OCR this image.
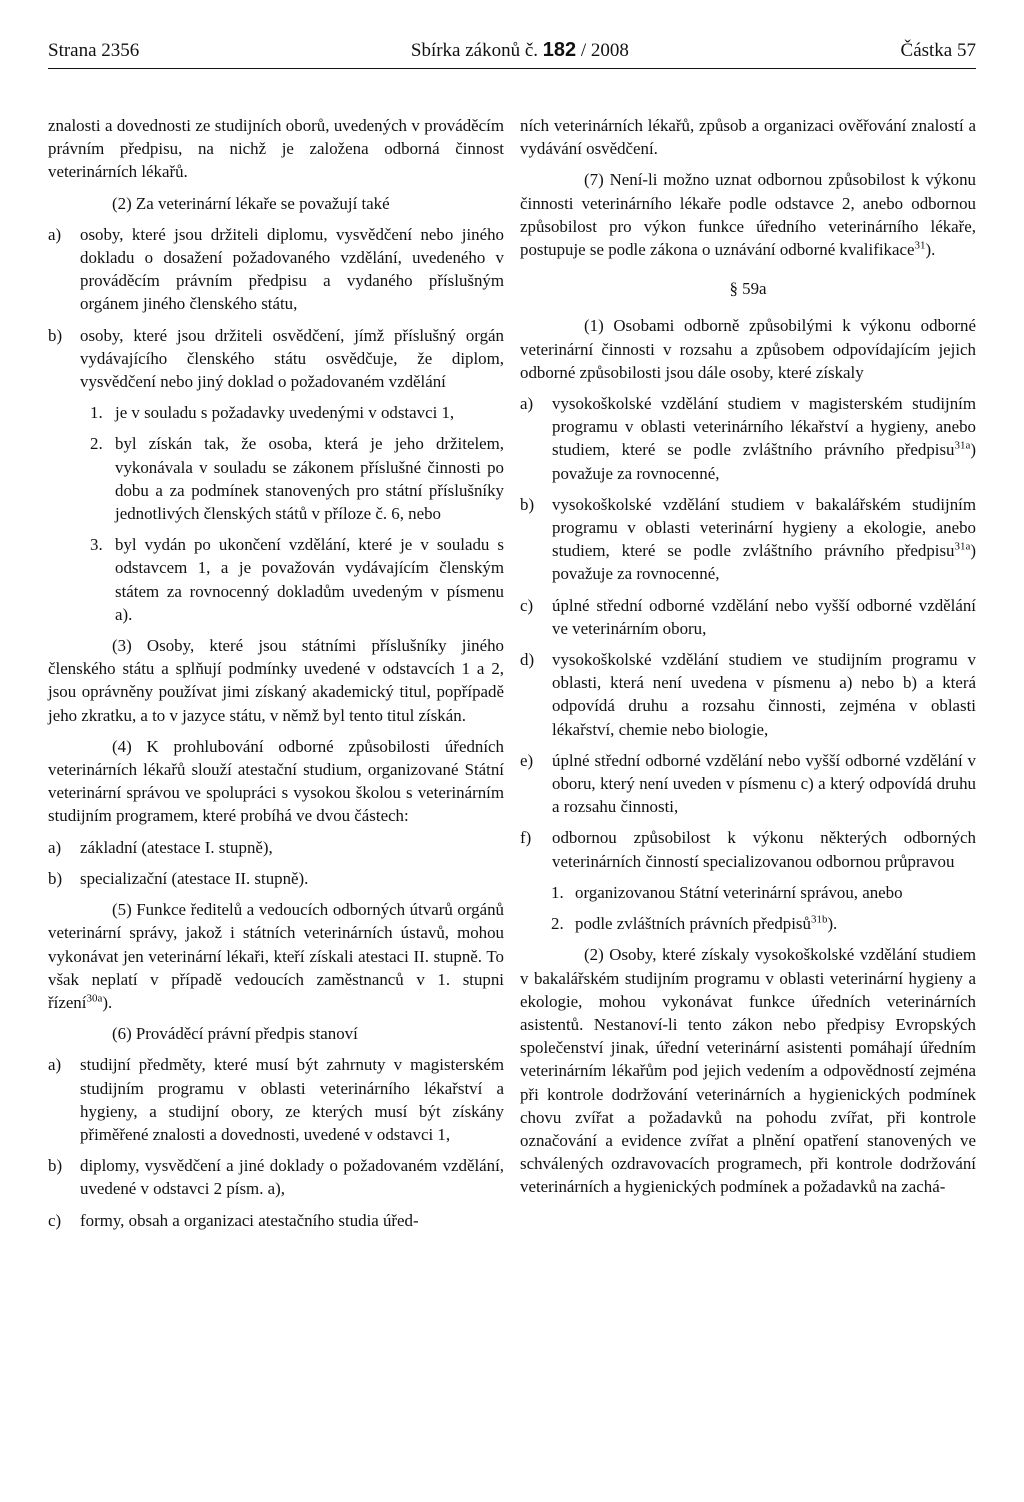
Strana 2356	Sbírka zákonů č. 182 / 2008	Částka 57

znalosti a dovednosti ze studijních oborů, uvedených v prováděcím právním předpisu, na nichž je založena odborná činnost veterinárních lékařů.

(2) Za veterinární lékaře se považují také

a)	osoby, které jsou držiteli diplomu, vysvědčení nebo jiného dokladu o dosažení požadovaného vzdělání, uvedeného v prováděcím právním předpisu a vydaného příslušným orgánem jiného členského státu,
b)	osoby, které jsou držiteli osvědčení, jímž příslušný orgán vydávajícího členského státu osvědčuje, že diplom, vysvědčení nebo jiný doklad o požadovaném vzdělání
1. je v souladu s požadavky uvedenými v odstavci 1,
2. byl získán tak, že osoba, která je jeho držitelem, vykonávala v souladu se zákonem příslušné činnosti po dobu a za podmínek stanovených pro státní příslušníky jednotlivých členských států v příloze č. 6, nebo
3. byl vydán po ukončení vzdělání, které je v souladu s odstavcem 1, a je považován vydávajícím členským státem za rovnocenný dokladům uvedeným v písmenu a).

(3) Osoby, které jsou státními příslušníky jiného členského státu a splňují podmínky uvedené v odstavcích 1 a 2, jsou oprávněny používat jimi získaný akademický titul, popřípadě jeho zkratku, a to v jazyce státu, v němž byl tento titul získán.

(4) K prohlubování odborné způsobilosti úředních veterinárních lékařů slouží atestační studium, organizované Státní veterinární správou ve spolupráci s vysokou školou s veterinárním studijním programem, které probíhá ve dvou částech:

a)	základní (atestace I. stupně),
b)	specializační (atestace II. stupně).

(5) Funkce ředitelů a vedoucích odborných útvarů orgánů veterinární správy, jakož i státních veterinárních ústavů, mohou vykonávat jen veterinární lékaři, kteří získali atestaci II. stupně. To však neplatí v případě vedoucích zaměstnanců v 1. stupni řízení$^{30a}$).

(6) Prováděcí právní předpis stanoví

a)	studijní předměty, které musí být zahrnuty v magisterském studijním programu v oblasti veterinárního lékařství a hygieny, a studijní obory, ze kterých musí být získány přiměřené znalosti a dovednosti, uvedené v odstavci 1,
b)	diplomy, vysvědčení a jiné doklady o požadovaném vzdělání, uvedené v odstavci 2 písm. a),
c)	formy, obsah a organizaci atestačního studia úřed-

ních veterinárních lékařů, způsob a organizaci ověřování znalostí a vydávání osvědčení.

(7) Není-li možno uznat odbornou způsobilost k výkonu činnosti veterinárního lékaře podle odstavce 2, anebo odbornou způsobilost pro výkon funkce úředního veterinárního lékaře, postupuje se podle zákona o uznávání odborné kvalifikace$^{31}$).

§ 59a

(1) Osobami odborně způsobilými k výkonu odborné veterinární činnosti v rozsahu a způsobem odpovídajícím jejich odborné způsobilosti jsou dále osoby, které získaly

a)	vysokoškolské vzdělání studiem v magisterském studijním programu v oblasti veterinárního lékařství a hygieny, anebo studiem, které se podle zvláštního právního předpisu$^{31a}$) považuje za rovnocenné,
b)	vysokoškolské vzdělání studiem v bakalářském studijním programu v oblasti veterinární hygieny a ekologie, anebo studiem, které se podle zvláštního právního předpisu$^{31a}$) považuje za rovnocenné,
c)	úplné střední odborné vzdělání nebo vyšší odborné vzdělání ve veterinárním oboru,
d)	vysokoškolské vzdělání studiem ve studijním programu v oblasti, která není uvedena v písmenu a) nebo b) a která odpovídá druhu a rozsahu činnosti, zejména v oblasti lékařství, chemie nebo biologie,
e)	úplné střední odborné vzdělání nebo vyšší odborné vzdělání v oboru, který není uveden v písmenu c) a který odpovídá druhu a rozsahu činnosti,
f)	odbornou způsobilost k výkonu některých odborných veterinárních činností specializovanou odbornou průpravou
1. organizovanou Státní veterinární správou, anebo
2. podle zvláštních právních předpisů$^{31b}$).

(2) Osoby, které získaly vysokoškolské vzdělání studiem v bakalářském studijním programu v oblasti veterinární hygieny a ekologie, mohou vykonávat funkce úředních veterinárních asistentů. Nestanoví-li tento zákon nebo předpisy Evropských společenství jinak, úřední veterinární asistenti pomáhají úředním veterinárním lékařům pod jejich vedením a odpovědností zejména při kontrole dodržování veterinárních a hygienických podmínek chovu zvířat a požadavků na pohodu zvířat, při kontrole označování a evidence zvířat a plnění opatření stanovených ve schválených ozdravovacích programech, při kontrole dodržování veterinárních a hygienických podmínek a požadavků na zachá-
